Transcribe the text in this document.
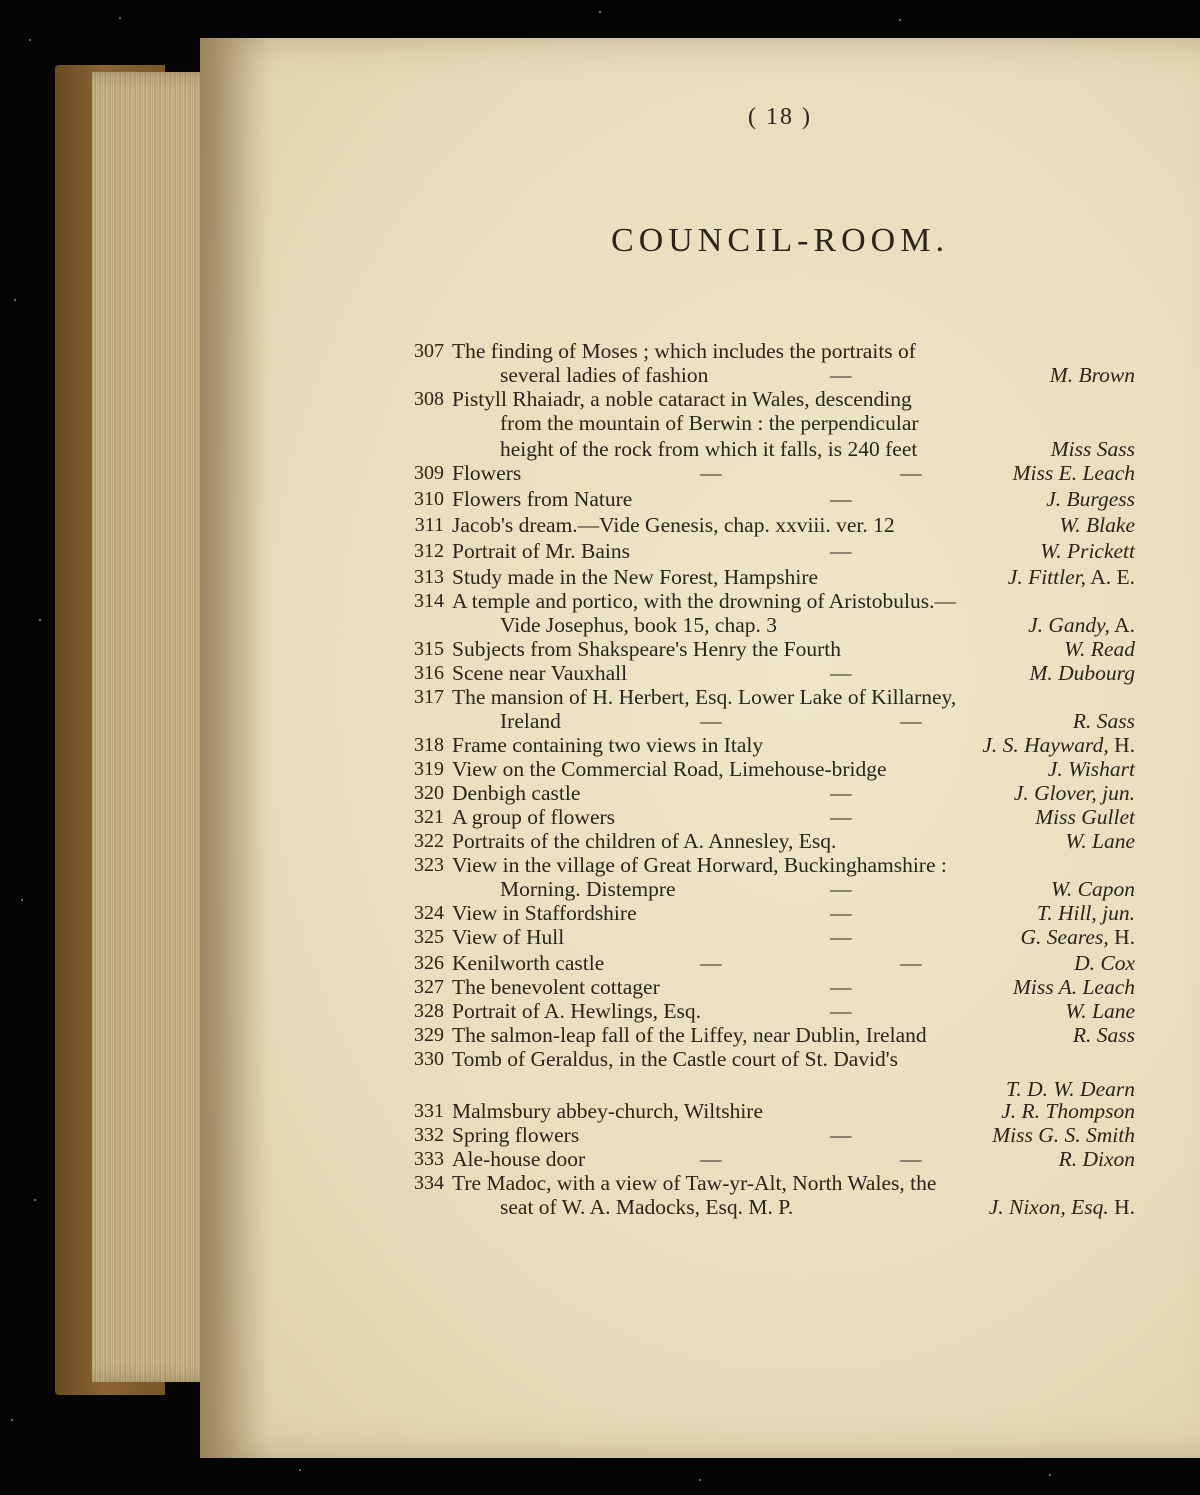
( 18 )
COUNCIL-ROOM.
307 The finding of Moses ; which includes the portraits of
several ladies of fashion	—	M. Brown
308 Pistyll Rhaiadr, a noble cataract in Wales, descending
from the mountain of Berwin : the perpendicular
height of the rock from which it falls, is 240 feet	Miss Sass
309 Flowers	—	—	Miss E. Leach
310 Flowers from Nature	—	J. Burgess
311 Jacob's dream.—Vide Genesis, chap. xxviii. ver. 12	W. Blake
312 Portrait of Mr. Bains	—	W. Prickett
313 Study made in the New Forest, Hampshire	J. Fittler, A. E.
314 A temple and portico, with the drowning of Aristobulus.—
Vide Josephus, book 15, chap. 3	J. Gandy, A.
315 Subjects from Shakspeare's Henry the Fourth	W. Read
316 Scene near Vauxhall	—	M. Dubourg
317 The mansion of H. Herbert, Esq. Lower Lake of Killarney,
Ireland	—	—	R. Sass
318 Frame containing two views in Italy	J. S. Hayward, H.
319 View on the Commercial Road, Limehouse-bridge	J. Wishart
320 Denbigh castle	—	J. Glover, jun.
321 A group of flowers	—	Miss Gullet
322 Portraits of the children of A. Annesley, Esq.	W. Lane
323 View in the village of Great Horward, Buckinghamshire :
Morning. Distempre	—	W. Capon
324 View in Staffordshire	—	T. Hill, jun.
325 View of Hull	—	G. Seares, H.
326 Kenilworth castle	—	—	D. Cox
327 The benevolent cottager	—	Miss A. Leach
328 Portrait of A. Hewlings, Esq.	—	W. Lane
329 The salmon-leap fall of the Liffey, near Dublin, Ireland	R. Sass
330 Tomb of Geraldus, in the Castle court of St. David's
T. D. W. Dearn
331 Malmsbury abbey-church, Wiltshire	J. R. Thompson
332 Spring flowers	—	Miss G. S. Smith
333 Ale-house door	—	—	R. Dixon
334 Tre Madoc, with a view of Taw-yr-Alt, North Wales, the
seat of W. A. Madocks, Esq. M. P.	J. Nixon, Esq. H.
